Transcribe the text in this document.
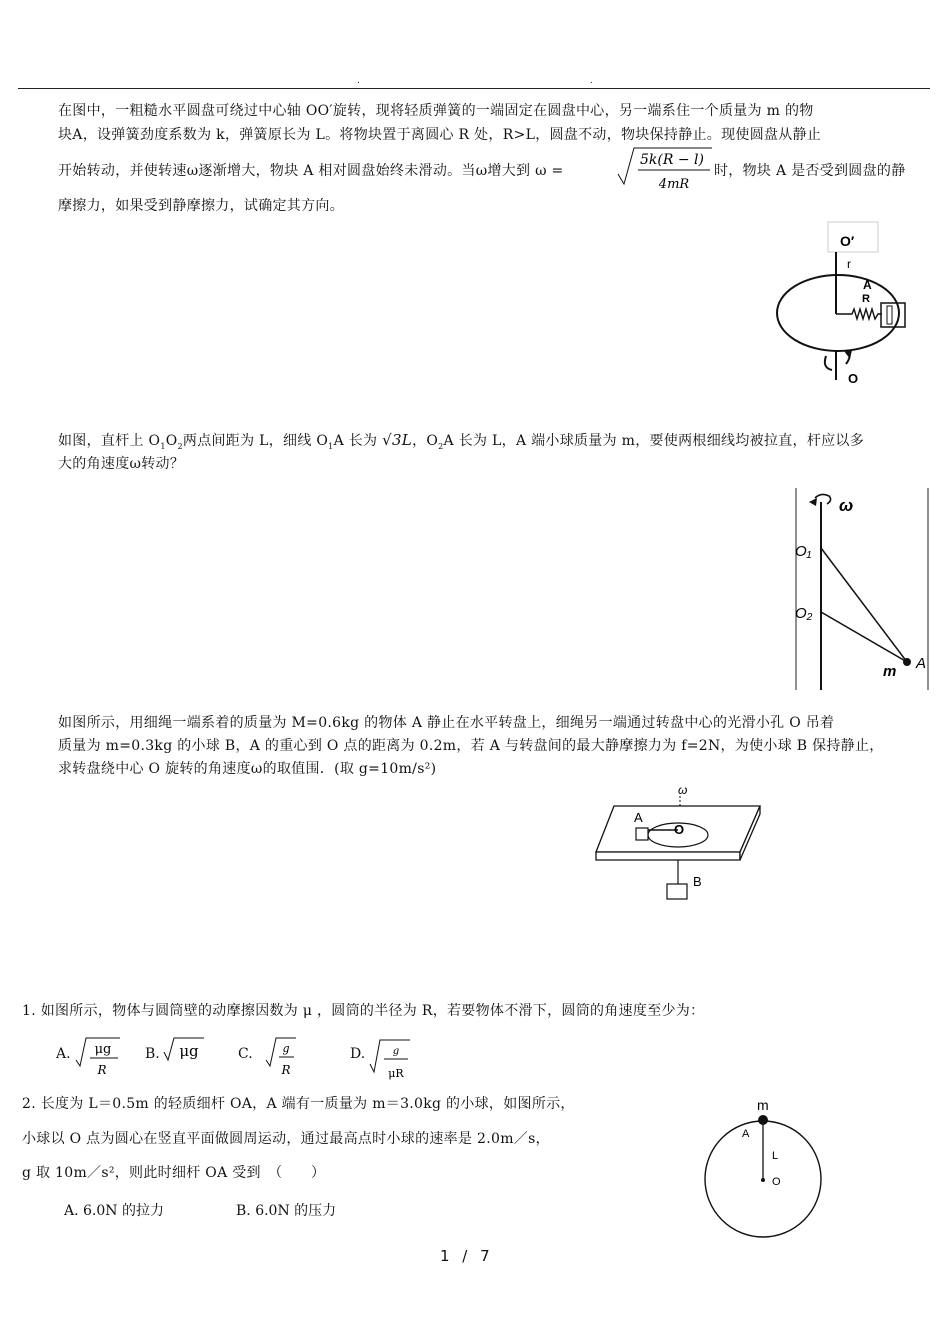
.	.
在图中，一粗糙水平圆盘可绕过中心轴 OO′旋转，现将轻质弹簧的一端固定在圆盘中心，另一端系住一个质量为 m 的物
块A，设弹簧劲度系数为 k，弹簧原长为 L。将物块置于离圆心 R 处，R>L，圆盘不动，物块保持静止。现使圆盘从静止
开始转动，并使转速ω逐渐增大，物块 A 相对圆盘始终未滑动。当ω增大到 ω =
5k(R − l)
4mR
时，物块 A 是否受到圆盘的静
摩擦力，如果受到静摩擦力，试确定其方向。
O′
r
A
R
O
如图，直杆上 $O_1O_2$两点间距为 L，细线 $O_1A$ 长为 √3L，$O_2A$ 长为 L，A 端小球质量为 m，要使两根细线均被拉直，杆应以多
大的角速度ω转动？
ω
O₁
O₂
m A
如图所示，用细绳一端系着的质量为 M=0.6kg 的物体 A 静止在水平转盘上，细绳另一端通过转盘中心的光滑小孔 O 吊着
质量为 m=0.3kg 的小球 B，A 的重心到 O 点的距离为 0.2m，若 A 与转盘间的最大静摩擦力为 f=2N，为使小球 B 保持静止，
求转盘绕中心 O 旋转的角速度ω的取值围．(取 g=10m/s²)
ω
A
O
B
1. 如图所示，物体与圆筒壁的动摩擦因数为 μ ，圆筒的半径为 R，若要物体不滑下，圆筒的角速度至少为：
A. μg
R
B. μg	C.	g
R
D.	g
μR
2. 长度为 L＝0.5m 的轻质细杆 OA，A 端有一质量为 m＝3.0kg 的小球，如图所示，
小球以 O 点为圆心在竖直平面做圆周运动，通过最高点时小球的速率是 2.0m／s，
g 取 10m／s²，则此时细杆 OA 受到　（　　）
A. 6.0N 的拉力	B. 6.0N 的压力
m
A
L
O
1 / 7
